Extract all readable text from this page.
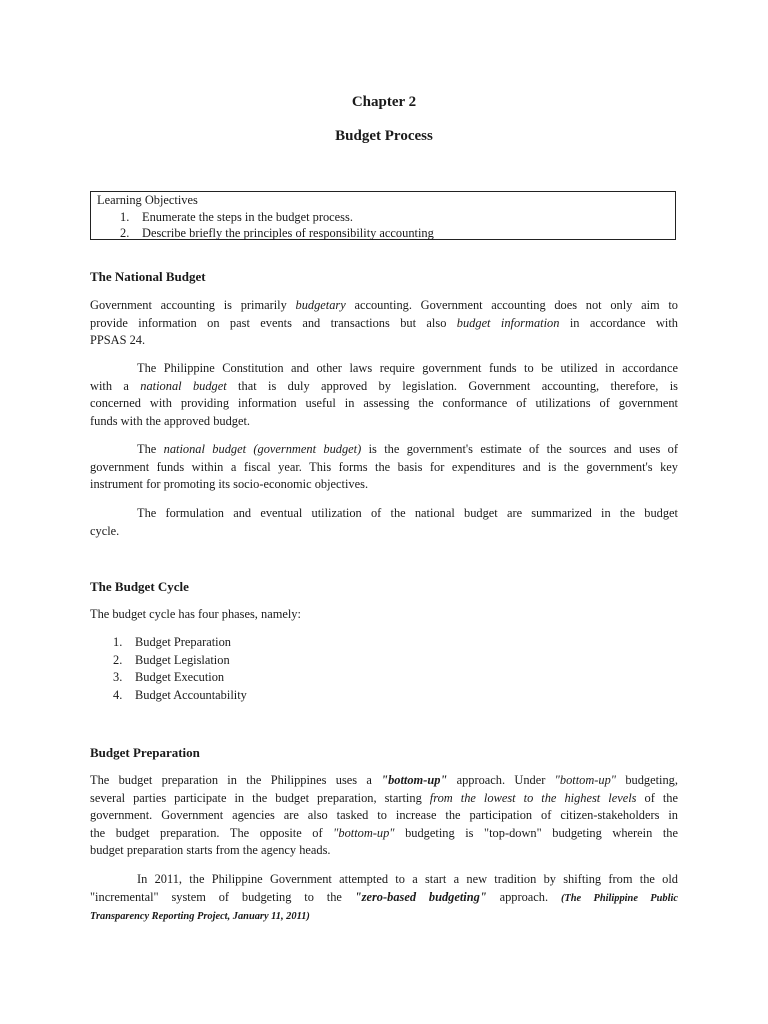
Chapter 2
Budget Process
Learning Objectives
1. Enumerate the steps in the budget process.
2. Describe briefly the principles of responsibility accounting
The National Budget
Government accounting is primarily budgetary accounting. Government accounting does not only aim to
provide information on past events and transactions but also budget information in accordance with
PPSAS 24.
The Philippine Constitution and other laws require government funds to be utilized in accordance
with a national budget that is duly approved by legislation. Government accounting, therefore, is
concerned with providing information useful in assessing the conformance of utilizations of government
funds with the approved budget.
The national budget (government budget) is the government's estimate of the sources and uses of
government funds within a fiscal year. This forms the basis for expenditures and is the government's key
instrument for promoting its socio-economic objectives.
The formulation and eventual utilization of the national budget are summarized in the budget
cycle.
The Budget Cycle
The budget cycle has four phases, namely:
1. Budget Preparation
2. Budget Legislation
3. Budget Execution
4. Budget Accountability
Budget Preparation
The budget preparation in the Philippines uses a "bottom-up" approach. Under "bottom-up" budgeting,
several parties participate in the budget preparation, starting from the lowest to the highest levels of the
government. Government agencies are also tasked to increase the participation of citizen-stakeholders in
the budget preparation. The opposite of "bottom-up" budgeting is "top-down" budgeting wherein the
budget preparation starts from the agency heads.
In 2011, the Philippine Government attempted to a start a new tradition by shifting from the old
"incremental" system of budgeting to the "zero-based budgeting" approach. (The Philippine Public
Transparency Reporting Project, January 11, 2011)
